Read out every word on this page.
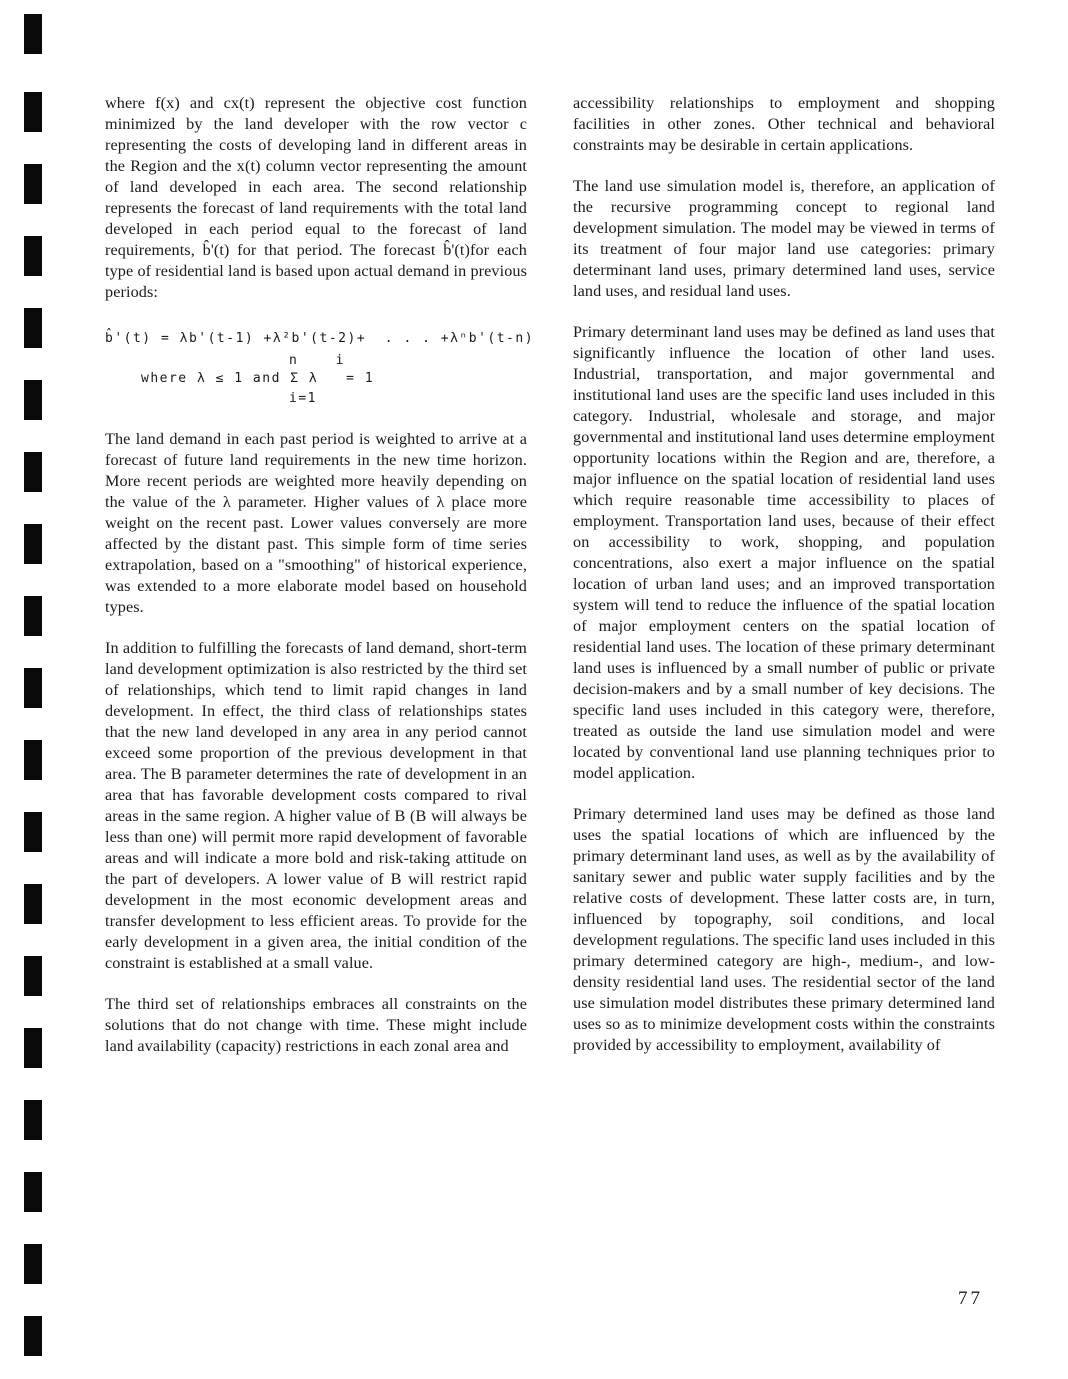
where f(x) and cx(t) represent the objective cost function minimized by the land developer with the row vector c representing the costs of developing land in different areas in the Region and the x(t) column vector representing the amount of land developed in each area. The second relationship represents the forecast of land requirements with the total land developed in each period equal to the forecast of land requirements, b̂'(t) for that period. The forecast b̂'(t)for each type of residential land is based upon actual demand in previous periods:

b̂'(t) = λb'(t-1) +λ²b'(t-2)+  . . . +λⁿb'(t-n)
n    i
where λ ≤ 1 and Σ λ   = 1
i=1

The land demand in each past period is weighted to arrive at a forecast of future land requirements in the new time horizon. More recent periods are weighted more heavily depending on the value of the λ parameter. Higher values of λ place more weight on the recent past. Lower values conversely are more affected by the distant past. This simple form of time series extrapolation, based on a "smoothing" of historical experience, was extended to a more elaborate model based on household types.

In addition to fulfilling the forecasts of land demand, short-term land development optimization is also restricted by the third set of relationships, which tend to limit rapid changes in land development. In effect, the third class of relationships states that the new land developed in any area in any period cannot exceed some proportion of the previous development in that area. The B parameter determines the rate of development in an area that has favorable development costs compared to rival areas in the same region. A higher value of B (B will always be less than one) will permit more rapid development of favorable areas and will indicate a more bold and risk-taking attitude on the part of developers. A lower value of B will restrict rapid development in the most economic development areas and transfer development to less efficient areas. To provide for the early development in a given area, the initial condition of the constraint is established at a small value.

The third set of relationships embraces all constraints on the solutions that do not change with time. These might include land availability (capacity) restrictions in each zonal area and

accessibility relationships to employment and shopping facilities in other zones. Other technical and behavioral constraints may be desirable in certain applications.

The land use simulation model is, therefore, an application of the recursive programming concept to regional land development simulation. The model may be viewed in terms of its treatment of four major land use categories: primary determinant land uses, primary determined land uses, service land uses, and residual land uses.

Primary determinant land uses may be defined as land uses that significantly influence the location of other land uses. Industrial, transportation, and major governmental and institutional land uses are the specific land uses included in this category. Industrial, wholesale and storage, and major governmental and institutional land uses determine employment opportunity locations within the Region and are, therefore, a major influence on the spatial location of residential land uses which require reasonable time accessibility to places of employment. Transportation land uses, because of their effect on accessibility to work, shopping, and population concentrations, also exert a major influence on the spatial location of urban land uses; and an improved transportation system will tend to reduce the influence of the spatial location of major employment centers on the spatial location of residential land uses. The location of these primary determinant land uses is influenced by a small number of public or private decision-makers and by a small number of key decisions. The specific land uses included in this category were, therefore, treated as outside the land use simulation model and were located by conventional land use planning techniques prior to model application.

Primary determined land uses may be defined as those land uses the spatial locations of which are influenced by the primary determinant land uses, as well as by the availability of sanitary sewer and public water supply facilities and by the relative costs of development. These latter costs are, in turn, influenced by topography, soil conditions, and local development regulations. The specific land uses included in this primary determined category are high-, medium-, and low-density residential land uses. The residential sector of the land use simulation model distributes these primary determined land uses so as to minimize development costs within the constraints provided by accessibility to employment, availability of

77
